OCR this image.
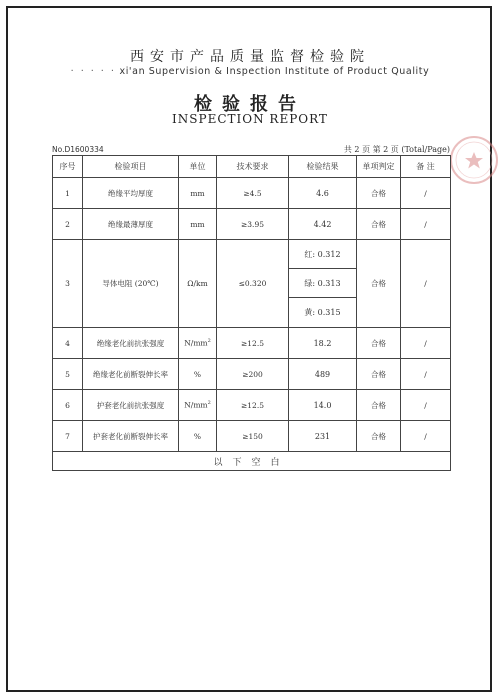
西安市产品质量监督检验院
· · · · · xi'an Supervision & Inspection Institute of Product Quality
检验报告
INSPECTION REPORT
No.D1600334	共 2 页 第 2 页 (Total/Page)
序号	检验项目	单位	技术要求	检验结果	单项判定	备 注
1	绝缘平均厚度	mm	≥4.5	4.6	合格	/
2	绝缘最薄厚度	mm	≥3.95	4.42	合格	/
3	导体电阻 (20℃)	Ω/km	≤0.320	红: 0.312
绿: 0.313
黄: 0.315	合格	/
4	绝缘老化前抗张强度	$N/mm^2$	≥12.5	18.2	合格	/
5	绝缘老化前断裂伸长率	%	≥200	489	合格	/
6	护套老化前抗张强度	$N/mm^2$	≥12.5	14.0	合格	/
7	护套老化前断裂伸长率	%	≥150	231	合格	/
以下空白						
